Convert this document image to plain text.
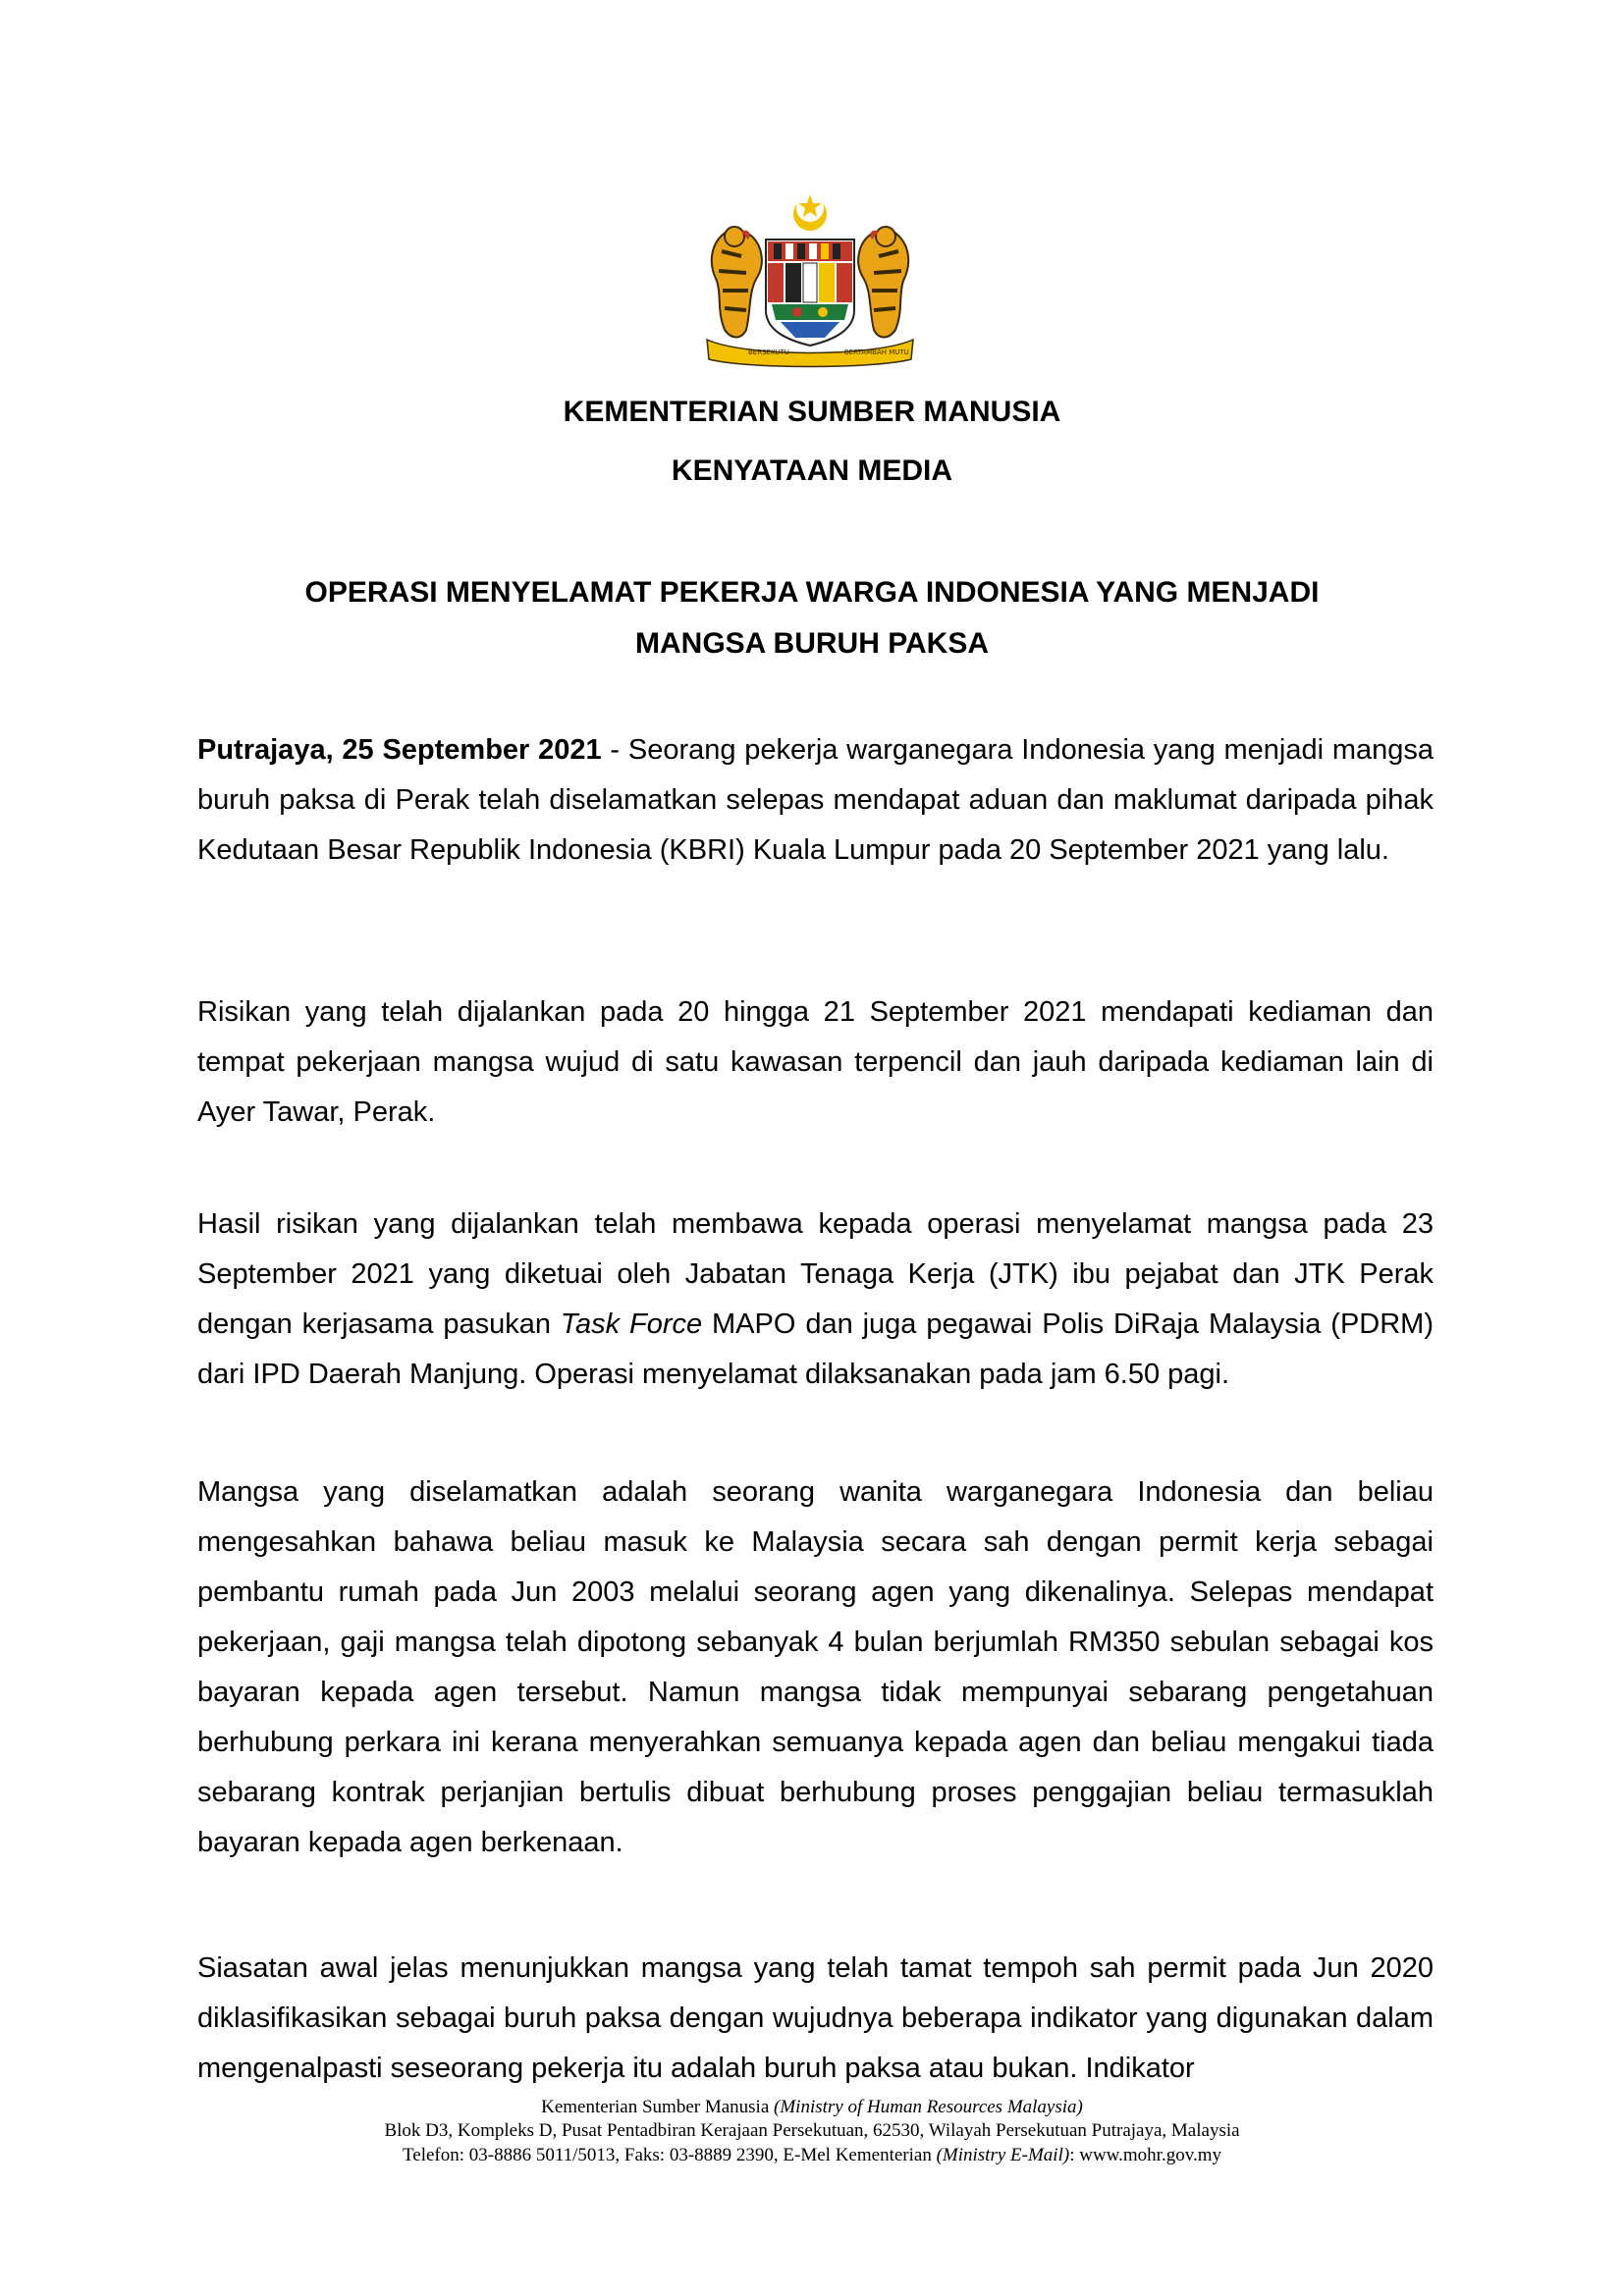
BERSEKUTU	BERTAMBAH MUTU
KEMENTERIAN SUMBER MANUSIA
KENYATAAN MEDIA
OPERASI MENYELAMAT PEKERJA WARGA INDONESIA YANG MENJADI
MANGSA BURUH PAKSA

Putrajaya, 25 September 2021 - Seorang pekerja warganegara Indonesia yang menjadi mangsa buruh paksa di Perak telah diselamatkan selepas mendapat aduan dan maklumat daripada pihak Kedutaan Besar Republik Indonesia (KBRI) Kuala Lumpur pada 20 September 2021 yang lalu.

Risikan yang telah dijalankan pada 20 hingga 21 September 2021 mendapati kediaman dan tempat pekerjaan mangsa wujud di satu kawasan terpencil dan jauh daripada kediaman lain di Ayer Tawar, Perak.

Hasil risikan yang dijalankan telah membawa kepada operasi menyelamat mangsa pada 23 September 2021 yang diketuai oleh Jabatan Tenaga Kerja (JTK) ibu pejabat dan JTK Perak dengan kerjasama pasukan Task Force MAPO dan juga pegawai Polis DiRaja Malaysia (PDRM) dari IPD Daerah Manjung. Operasi menyelamat dilaksanakan pada jam 6.50 pagi.

Mangsa yang diselamatkan adalah seorang wanita warganegara Indonesia dan beliau mengesahkan bahawa beliau masuk ke Malaysia secara sah dengan permit kerja sebagai pembantu rumah pada Jun 2003 melalui seorang agen yang dikenalinya. Selepas mendapat pekerjaan, gaji mangsa telah dipotong sebanyak 4 bulan berjumlah RM350 sebulan sebagai kos bayaran kepada agen tersebut. Namun mangsa tidak mempunyai sebarang pengetahuan berhubung perkara ini kerana menyerahkan semuanya kepada agen dan beliau mengakui tiada sebarang kontrak perjanjian bertulis dibuat berhubung proses penggajian beliau termasuklah bayaran kepada agen berkenaan.

Siasatan awal jelas menunjukkan mangsa yang telah tamat tempoh sah permit pada Jun 2020 diklasifikasikan sebagai buruh paksa dengan wujudnya beberapa indikator yang digunakan dalam mengenalpasti seseorang pekerja itu adalah buruh paksa atau bukan. Indikator

Kementerian Sumber Manusia (Ministry of Human Resources Malaysia)
Blok D3, Kompleks D, Pusat Pentadbiran Kerajaan Persekutuan, 62530, Wilayah Persekutuan Putrajaya, Malaysia
Telefon: 03-8886 5011/5013, Faks: 03-8889 2390, E-Mel Kementerian (Ministry E-Mail): www.mohr.gov.my
